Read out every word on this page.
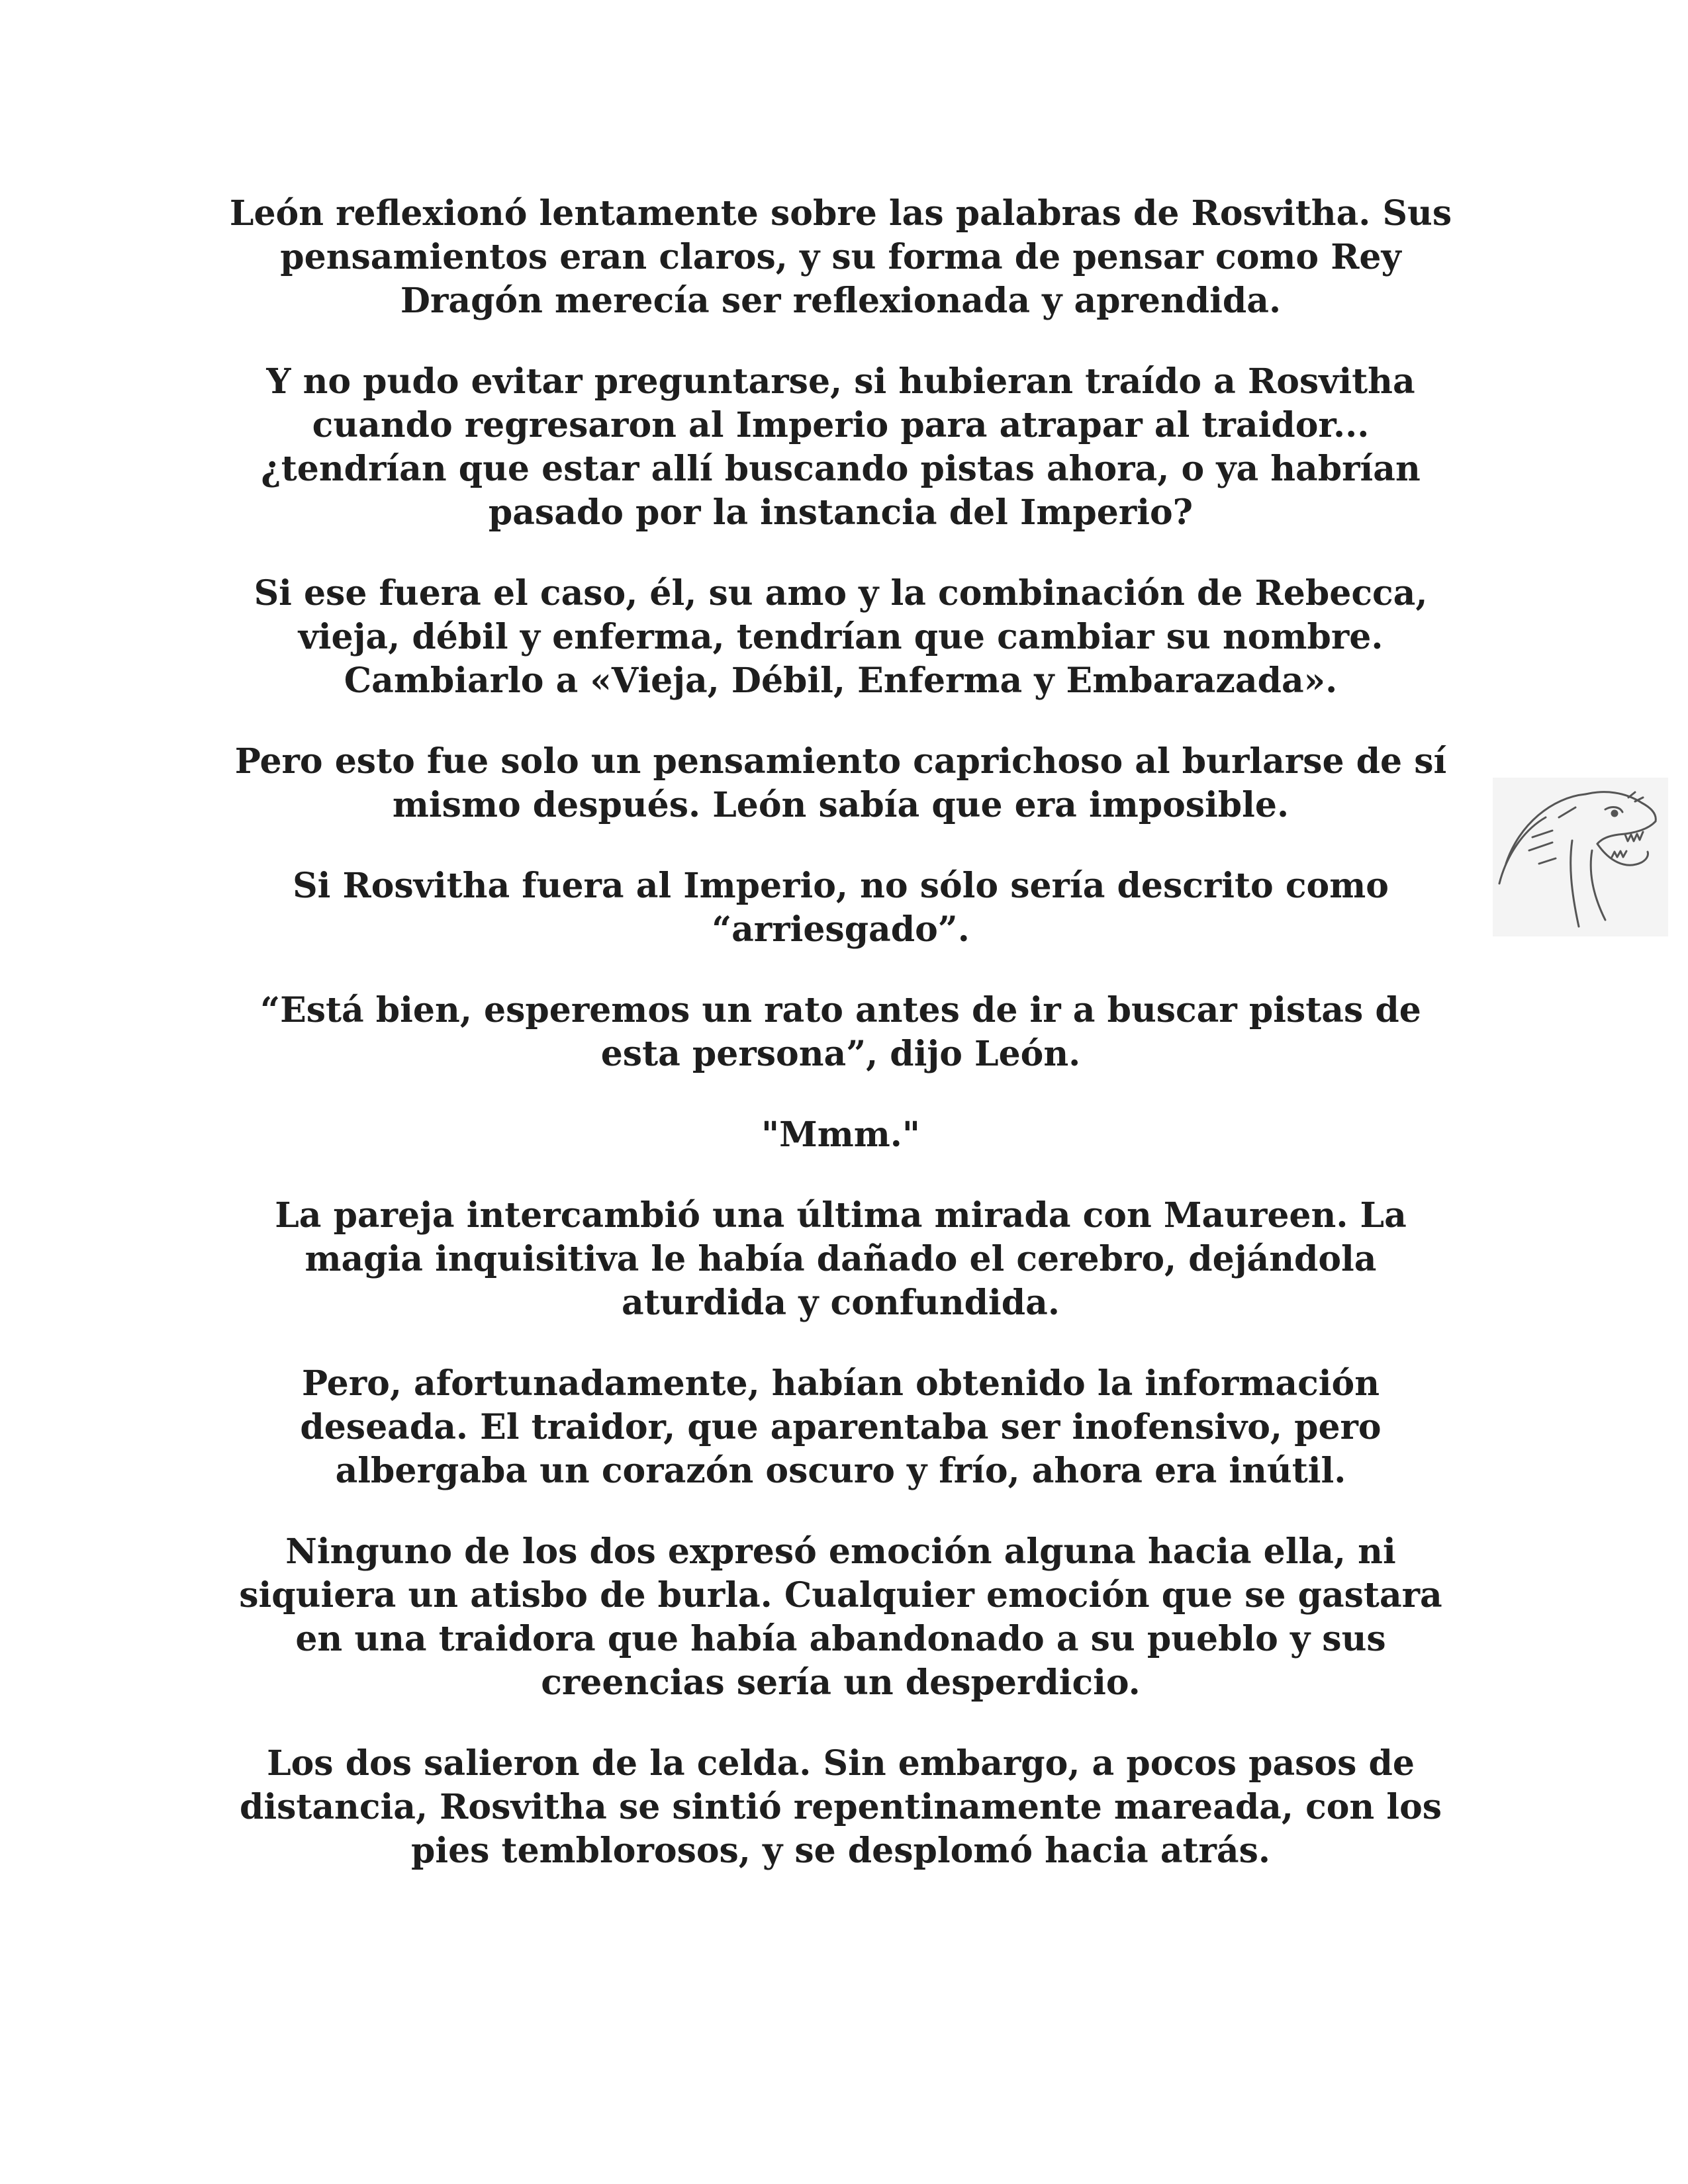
León reflexionó lentamente sobre las palabras de Rosvitha. Sus pensamientos eran claros, y su forma de pensar como Rey Dragón merecía ser reflexionada y aprendida.

Y no pudo evitar preguntarse, si hubieran traído a Rosvitha cuando regresaron al Imperio para atrapar al traidor... ¿tendrían que estar allí buscando pistas ahora, o ya habrían pasado por la instancia del Imperio?

Si ese fuera el caso, él, su amo y la combinación de Rebecca, vieja, débil y enferma, tendrían que cambiar su nombre. Cambiarlo a «Vieja, Débil, Enferma y Embarazada».

Pero esto fue solo un pensamiento caprichoso al burlarse de sí mismo después. León sabía que era imposible.

Si Rosvitha fuera al Imperio, no sólo sería descrito como “arriesgado”.

“Está bien, esperemos un rato antes de ir a buscar pistas de esta persona”, dijo León.

"Mmm."

La pareja intercambió una última mirada con Maureen. La magia inquisitiva le había dañado el cerebro, dejándola aturdida y confundida.

Pero, afortunadamente, habían obtenido la información deseada. El traidor, que aparentaba ser inofensivo, pero albergaba un corazón oscuro y frío, ahora era inútil.

Ninguno de los dos expresó emoción alguna hacia ella, ni siquiera un atisbo de burla. Cualquier emoción que se gastara en una traidora que había abandonado a su pueblo y sus creencias sería un desperdicio.

Los dos salieron de la celda. Sin embargo, a pocos pasos de distancia, Rosvitha se sintió repentinamente mareada, con los pies temblorosos, y se desplomó hacia atrás.
